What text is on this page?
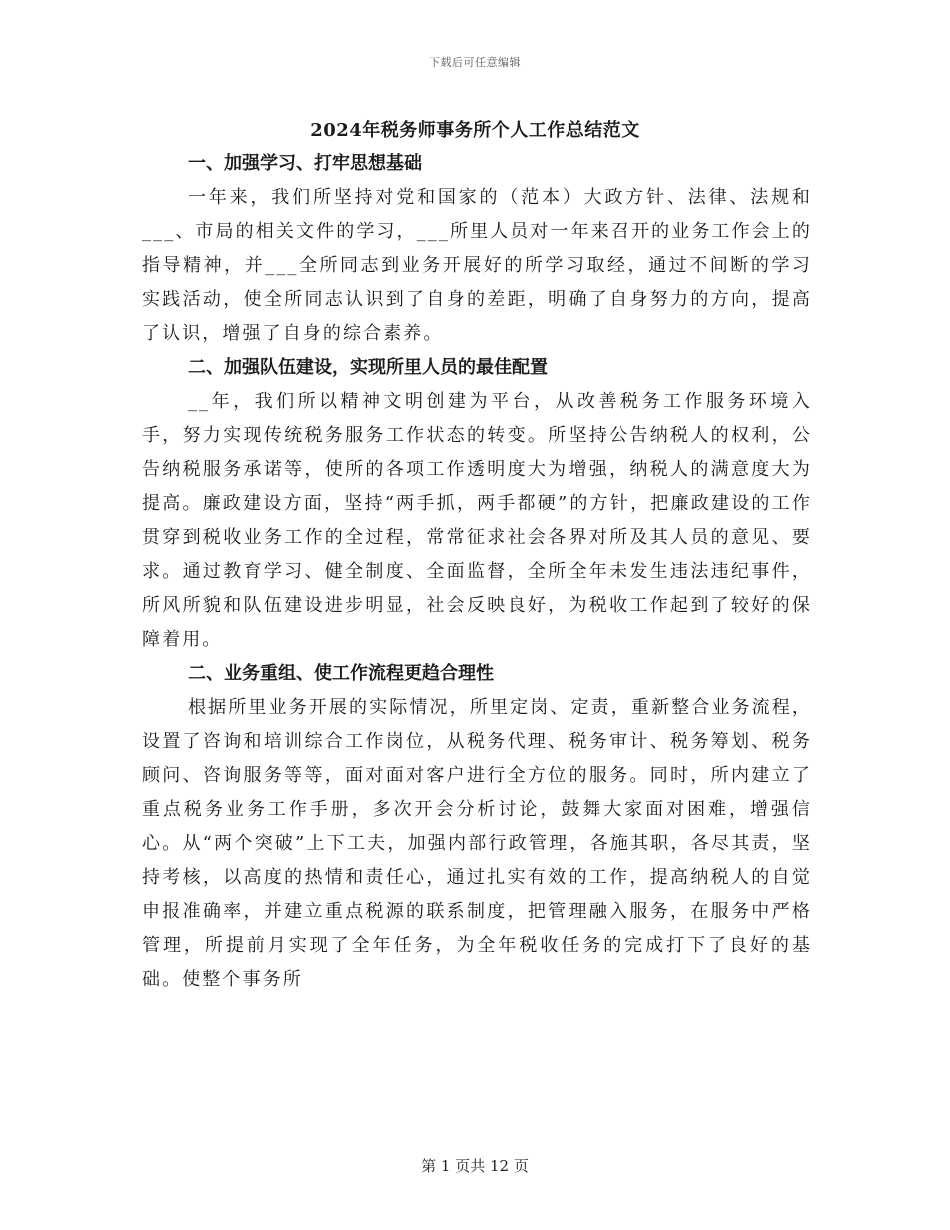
下载后可任意编辑
2024年税务师事务所个人工作总结范文
一、加强学习、打牢思想基础

一年来，我们所坚持对党和国家的（范本）大政方针、法律、法规和___、市局的相关文件的学习，___所里人员对一年来召开的业务工作会上的指导精神，并___全所同志到业务开展好的所学习取经，通过不间断的学习实践活动，使全所同志认识到了自身的差距，明确了自身努力的方向，提高了认识，增强了自身的综合素养。

二、加强队伍建设，实现所里人员的最佳配置

__年，我们所以精神文明创建为平台，从改善税务工作服务环境入手，努力实现传统税务服务工作状态的转变。所坚持公告纳税人的权利，公告纳税服务承诺等，使所的各项工作透明度大为增强，纳税人的满意度大为提高。廉政建设方面，坚持“两手抓，两手都硬”的方针，把廉政建设的工作贯穿到税收业务工作的全过程，常常征求社会各界对所及其人员的意见、要求。通过教育学习、健全制度、全面监督，全所全年未发生违法违纪事件，所风所貌和队伍建设进步明显，社会反映良好，为税收工作起到了较好的保障着用。

二、业务重组、使工作流程更趋合理性

根据所里业务开展的实际情况，所里定岗、定责，重新整合业务流程，设置了咨询和培训综合工作岗位，从税务代理、税务审计、税务筹划、税务顾问、咨询服务等等，面对面对客户进行全方位的服务。同时，所内建立了重点税务业务工作手册，多次开会分析讨论，鼓舞大家面对困难，增强信心。从“两个突破”上下工夫，加强内部行政管理，各施其职，各尽其责，坚持考核，以高度的热情和责任心，通过扎实有效的工作，提高纳税人的自觉申报准确率，并建立重点税源的联系制度，把管理融入服务，在服务中严格管理，所提前月实现了全年任务，为全年税收任务的完成打下了良好的基础。使整个事务所

第 1 页共 12 页
